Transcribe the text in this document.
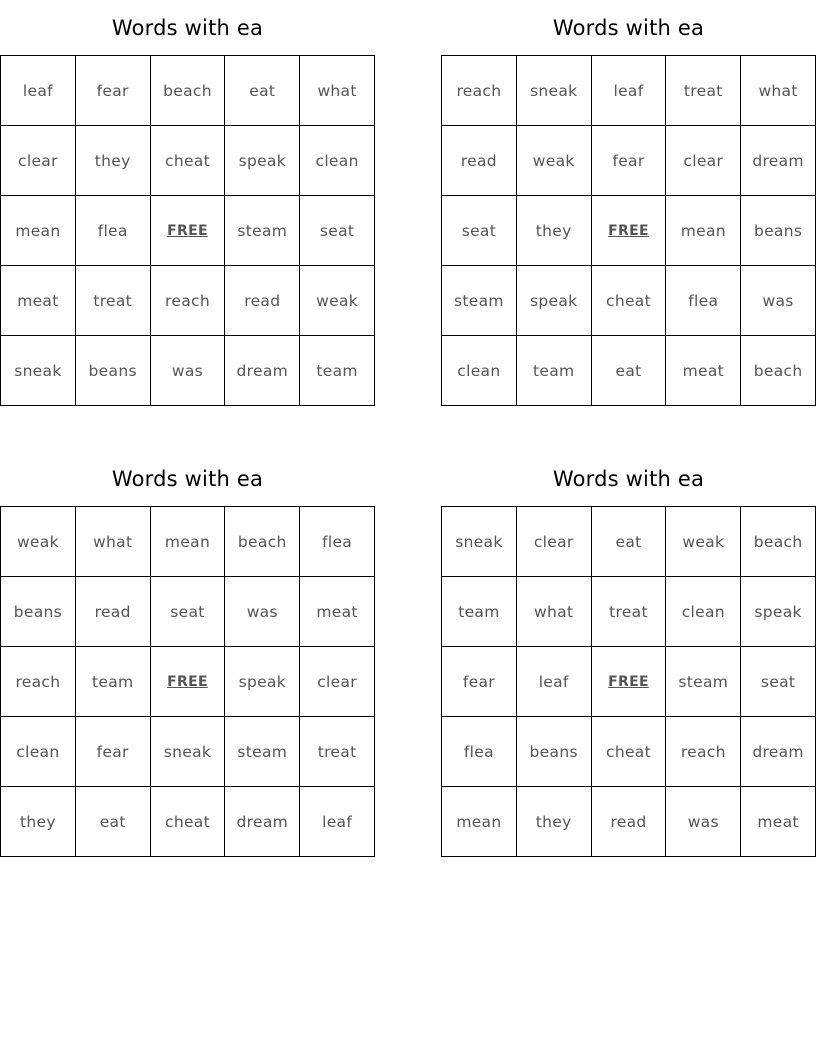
Words with ea
leaf	fear	beach	eat	what
clear	they	cheat	speak	clean
mean	flea	FREE	steam	seat
meat	treat	reach	read	weak
sneak	beans	was	dream	team
Words with ea
reach	sneak	leaf	treat	what
read	weak	fear	clear	dream
seat	they	FREE	mean	beans
steam	speak	cheat	flea	was
clean	team	eat	meat	beach
Words with ea
weak	what	mean	beach	flea
beans	read	seat	was	meat
reach	team	FREE	speak	clear
clean	fear	sneak	steam	treat
they	eat	cheat	dream	leaf
Words with ea
sneak	clear	eat	weak	beach
team	what	treat	clean	speak
fear	leaf	FREE	steam	seat
flea	beans	cheat	reach	dream
mean	they	read	was	meat
